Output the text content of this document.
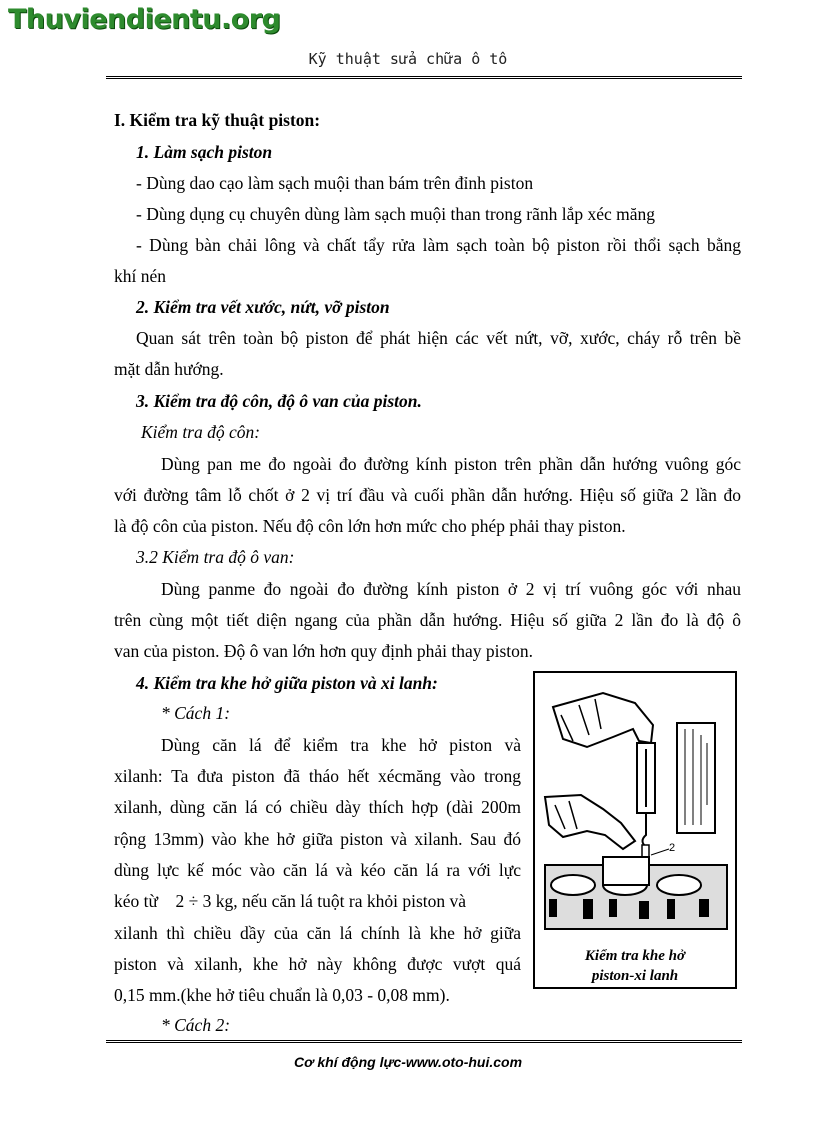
Thuviendientu.org
Kỹ thuật sửa chữa ô tô
I. Kiểm tra kỹ thuật piston:
1. Làm sạch piston
- Dùng dao cạo làm sạch muội than bám trên đỉnh piston
- Dùng dụng cụ chuyên dùng làm sạch muội than trong rãnh lắp xéc măng
- Dùng bàn chải lông và chất tẩy rửa làm sạch toàn bộ piston rồi thổi sạch bằng
khí nén
2. Kiểm tra vết xước, nứt, vỡ piston
Quan sát trên toàn bộ piston để phát hiện các vết nứt, vỡ, xước, cháy rỗ trên bề
mặt dẫn hướng.
3. Kiểm tra độ côn, độ ô van của piston.
Kiểm tra độ côn:
Dùng pan me đo ngoài đo đường kính piston trên phần dẫn hướng vuông góc
với đường tâm lỗ chốt ở 2 vị trí đầu và cuối phần dẫn hướng. Hiệu số giữa 2 lần đo
là độ côn của piston. Nếu độ côn lớn hơn mức cho phép phải thay piston.
3.2 Kiểm tra độ ô van:
Dùng panme đo ngoài đo đường kính piston ở 2 vị trí vuông góc với nhau
trên cùng một tiết diện ngang của phần dẫn hướng. Hiệu số giữa 2 lần đo là độ ô
van của piston. Độ ô van lớn hơn quy định phải thay piston.
4. Kiểm tra khe hở giữa piston và xi lanh:
* Cách 1:
Dùng căn lá để kiểm tra khe hở piston và
xilanh: Ta đưa piston đã tháo hết xécmăng vào trong
xilanh, dùng căn lá có chiều dày thích hợp (dài 200m
rộng 13mm) vào khe hở giữa piston và xilanh. Sau đó
dùng lực kế móc vào căn lá và kéo căn lá ra với lực
kéo từ    2 ÷ 3 kg, nếu căn lá tuột ra khỏi piston và
xilanh thì chiều dầy của căn lá chính là khe hở giữa
piston và xilanh, khe hở này không được vượt quá
0,15 mm.(khe hở tiêu chuẩn là 0,03 - 0,08 mm).
* Cách 2:
2
Kiểm tra khe hở
piston-xi lanh
Cơ khí động lực-www.oto-hui.com
